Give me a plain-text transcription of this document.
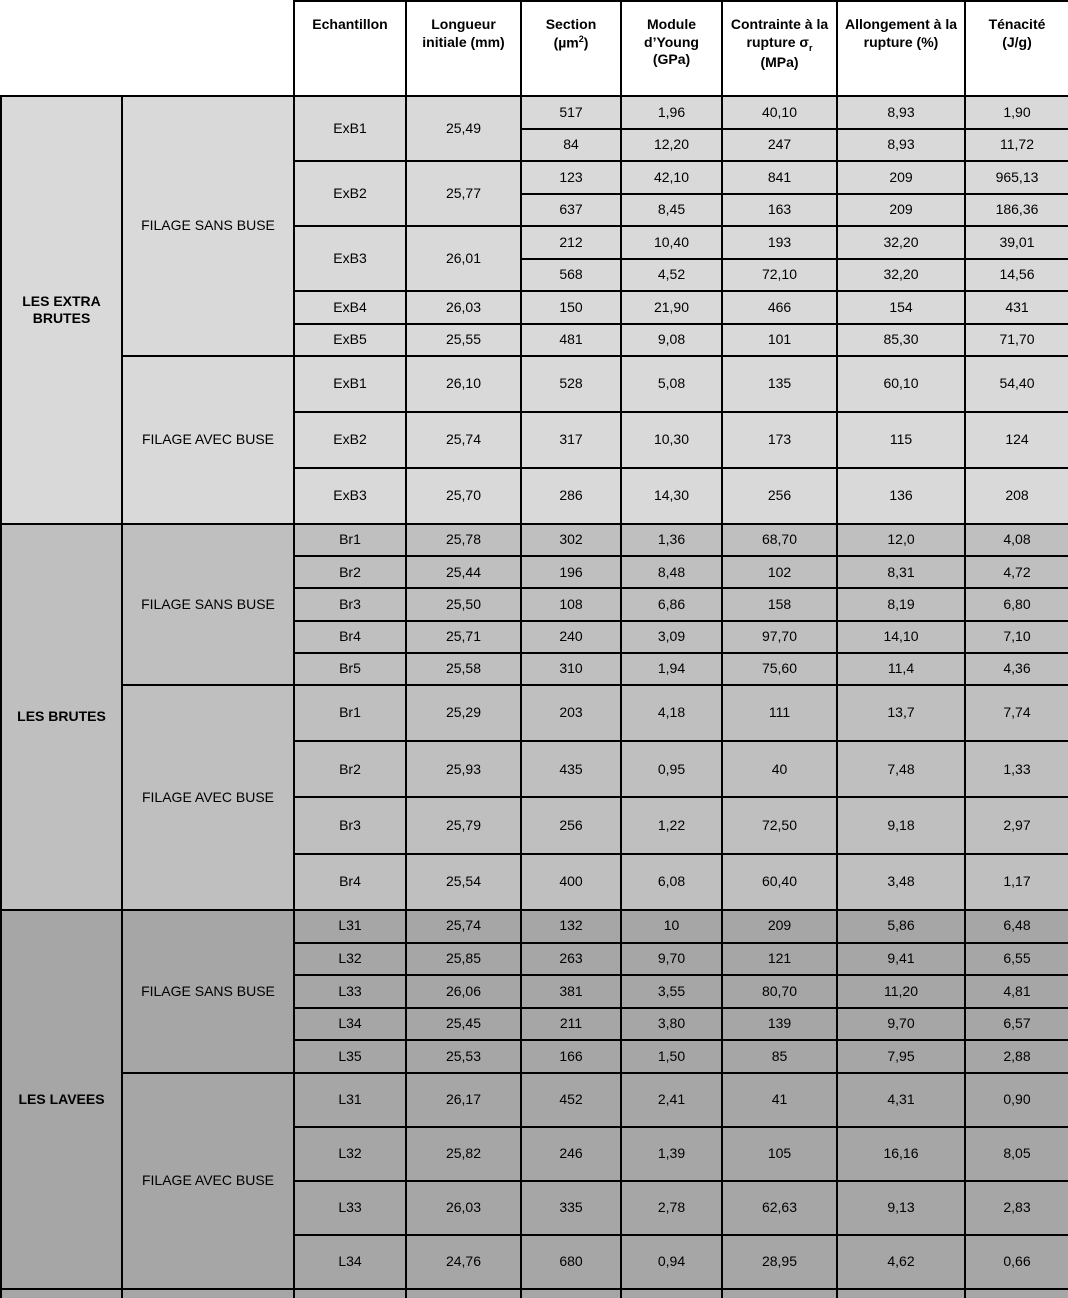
		Echantillon	Longueur initiale (mm)	Section (µm$^2$)	Module d’Young (GPa)	Contrainte à la rupture $\sigma_r$ (MPa)	Allongement à la rupture (%)	Ténacité (J/g)
LES EXTRA BRUTES	FILAGE SANS BUSE	ExB1	25,49	517	1,96	40,10	8,93	1,90
				84	12,20	247	8,93	11,72
		ExB2	25,77	123	42,10	841	209	965,13
				637	8,45	163	209	186,36
		ExB3	26,01	212	10,40	193	32,20	39,01
				568	4,52	72,10	32,20	14,56
		ExB4	26,03	150	21,90	466	154	431
		ExB5	25,55	481	9,08	101	85,30	71,70
	FILAGE AVEC BUSE	ExB1	26,10	528	5,08	135	60,10	54,40
		ExB2	25,74	317	10,30	173	115	124
		ExB3	25,70	286	14,30	256	136	208
LES BRUTES	FILAGE SANS BUSE	Br1	25,78	302	1,36	68,70	12,0	4,08
		Br2	25,44	196	8,48	102	8,31	4,72
		Br3	25,50	108	6,86	158	8,19	6,80
		Br4	25,71	240	3,09	97,70	14,10	7,10
		Br5	25,58	310	1,94	75,60	11,4	4,36
	FILAGE AVEC BUSE	Br1	25,29	203	4,18	111	13,7	7,74
		Br2	25,93	435	0,95	40	7,48	1,33
		Br3	25,79	256	1,22	72,50	9,18	2,97
		Br4	25,54	400	6,08	60,40	3,48	1,17
LES LAVEES	FILAGE SANS BUSE	L31	25,74	132	10	209	5,86	6,48
		L32	25,85	263	9,70	121	9,41	6,55
		L33	26,06	381	3,55	80,70	11,20	4,81
		L34	25,45	211	3,80	139	9,70	6,57
		L35	25,53	166	1,50	85	7,95	2,88
	FILAGE AVEC BUSE	L31	26,17	452	2,41	41	4,31	0,90
		L32	25,82	246	1,39	105	16,16	8,05
		L33	26,03	335	2,78	62,63	9,13	2,83
		L34	24,76	680	0,94	28,95	4,62	0,66
